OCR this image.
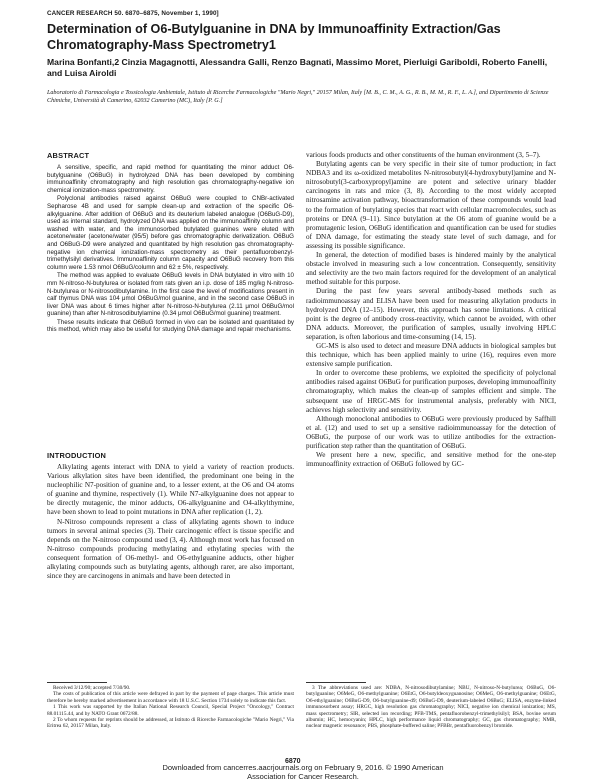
CANCER RESEARCH 50. 6870–6875, November 1, 1990]
Determination of O6-Butylguanine in DNA by Immunoaffinity Extraction/Gas Chromatography-Mass Spectrometry1
Marina Bonfanti,2 Cinzia Magagnotti, Alessandra Galli, Renzo Bagnati, Massimo Moret, Pierluigi Gariboldi, Roberto Fanelli, and Luisa Airoldi
Laboratorio di Farmacologia e Tossicologia Ambientale, Istituto di Ricerche Farmacologiche "Mario Negri," 20157 Milan, Italy [M. B., C. M., A. G., R. B., M. M., R. F., L. A.], and Dipartimento di Scienze Chimiche, Università di Camerino, 62032 Camerino (MC), Italy [P. G.]
ABSTRACT

A sensitive, specific, and rapid method for quantitating the minor adduct O6-butylguanine (O6BuG) in hydrolyzed DNA has been developed by combining immunoaffinity chromatography and high resolution gas chromatography-negative ion chemical ionization-mass spectrometry.

Polyclonal antibodies raised against O6BuG were coupled to CNBr-activated Sepharose 4B and used for sample clean-up and extraction of the specific O6-alkylguanine. After addition of O6BuG and its deuterium labeled analogue (O6BuG-D9), used as internal standard, hydrolyzed DNA was applied on the immunoaffinity column and washed with water, and the immunosorbed butylated guanines were eluted with acetone/water (acetone/water (95/5) before gas chromatographic derivatization. O6BuG and O6BuG-D9 were analyzed and quantitated by high resolution gas chromatography-negative ion chemical ionization-mass spectrometry as their pentafluorobenzyl-trimethylsilyl derivatives. Immunoaffinity column capacity and O6BuG recovery from this column were 1.53 nmol O6BuG/column and 62 ± 5%, respectively.

The method was applied to evaluate O6BuG levels in DNA butylated in vitro with 10 mm N-nitroso-N-butylurea or isolated from rats given an i.p. dose of 185 mg/kg N-nitroso-N-butylurea or N-nitrosodibutylamine. In the first case the level of modifications present in calf thymus DNA was 104 μmol O6BuG/mol guanine, and in the second case O6BuG in liver DNA was about 6 times higher after N-nitroso-N-butylurea (2.11 μmol O6BuG/mol guanine) than after N-nitrosodibutylamine (0.34 μmol O6BuG/mol guanine) treatment.

These results indicate that O6BuG formed in vivo can be isolated and quantitated by this method, which may also be useful for studying DNA damage and repair mechanisms.

INTRODUCTION

Alkylating agents interact with DNA to yield a variety of reaction products. Various alkylation sites have been identified, the predominant one being in the nucleophilic N7-position of guanine and, to a lesser extent, at the O6 and O4 atoms of guanine and thymine, respectively (1). While N7-alkylguanine does not appear to be directly mutagenic, the minor adducts, O6-alkylguanine and O4-alkylthymine, have been shown to lead to point mutations in DNA after replication (1, 2).

N-Nitroso compounds represent a class of alkylating agents shown to induce tumors in several animal species (3). Their carcinogenic effect is tissue specific and depends on the N-nitroso compound used (3, 4). Although most work has focused on N-nitroso compounds producing methylating and ethylating species with the consequent formation of O6-methyl- and O6-ethylguanine adducts, other higher alkylating compounds such as butylating agents, although rarer, are also important, since they are carcinogens in animals and have been detected in

Received 3/12/90; accepted 7/30/90.

The costs of publication of this article were defrayed in part by the payment of page charges. This article must therefore be hereby marked advertisement in accordance with 18 U.S.C. Section 1734 solely to indicate this fact.

1 This work was supported by the Italian National Research Council, Special Project "Oncology," Contract 88.01115.44, and by NATO Grant 0672/88.

2 To whom requests for reprints should be addressed, at Istituto di Ricerche Farmacologiche "Mario Negri," Via Eritrea 62, 20157 Milan, Italy.

various foods products and other constituents of the human environment (3, 5–7).

Butylating agents can be very specific in their site of tumor production; in fact NDBA3 and its ω-oxidized metabolites N-nitrosobutyl(4-hydroxybutyl)amine and N-nitrosobutyl(3-carboxypropyl)amine are potent and selective urinary bladder carcinogens in rats and mice (3, 8). According to the most widely accepted nitrosamine activation pathway, bioactransformation of these compounds would lead to the formation of butylating species that react with cellular macromolecules, such as proteins or DNA (9–11). Since butylation at the O6 atom of guanine would be a promutagenic lesion, O6BuG identification and quantification can be used for studies of DNA damage, for estimating the steady state level of such damage, and for assessing its possible significance.

In general, the detection of modified bases is hindered mainly by the analytical obstacle involved in measuring such a low concentration. Consequently, sensitivity and selectivity are the two main factors required for the development of an analytical method suitable for this purpose.

During the past few years several antibody-based methods such as radioimmunoassay and ELISA have been used for measuring alkylation products in hydrolyzed DNA (12–15). However, this approach has some limitations. A critical point is the degree of antibody cross-reactivity, which cannot be avoided, with other DNA adducts. Moreover, the purification of samples, usually involving HPLC separation, is often laborious and time-consuming (14, 15).

GC-MS is also used to detect and measure DNA adducts in biological samples but this technique, which has been applied mainly to urine (16), requires even more extensive sample purification.

In order to overcome these problems, we exploited the specificity of polyclonal antibodies raised against O6BuG for purification purposes, developing immunoaffinity chromatography, which makes the clean-up of samples efficient and simple. The subsequent use of HRGC-MS for instrumental analysis, preferably with NICI, achieves high selectivity and sensitivity.

Although monoclonal antibodies to O6BuG were previously produced by Saffhill et al. (12) and used to set up a sensitive radioimmunoassay for the detection of O6BuG, the purpose of our work was to utilize antibodies for the extraction-purification step rather than the quantitation of O6BuG.

We present here a new, specific, and sensitive method for the one-step immunoaffinity extraction of O6BuG followed by GC-

3 The abbreviations used are: NDBA, N-nitrosodibutylamine; NBU, N-nitroso-N-butylurea; O6BuG, O6-butylguanine; O6MeG, O6-methylguanine; O6EtG, O6-butyldeoxyguanosine; O6MeG, O6-methylguanine; O6EtG, O6-ethylguanine; O6BuG-D9, O6-butylguanine-d9; O6BuG-D9, deuterium-labeled O6BuG; ELISA, enzyme-linked immunosorbent assay; HRGC, high resolution gas chromatography; NICI, negative ion chemical ionization; MS, mass spectrometry; SIR, selected ion recording; PFB-TMS, pentafluorobenzyl-trimethylsilyl; BSA, bovine serum albumin; HC, hemocyanin; HPLC, high performance liquid chromatography; GC, gas chromatography; NMR, nuclear magnetic resonance; PBS, phosphate-buffered saline; PFBBr, pentafluorobenzyl bromide.

6870
Downloaded from cancerres.aacrjournals.org on February 9, 2016. © 1990 American Association for Cancer Research.
